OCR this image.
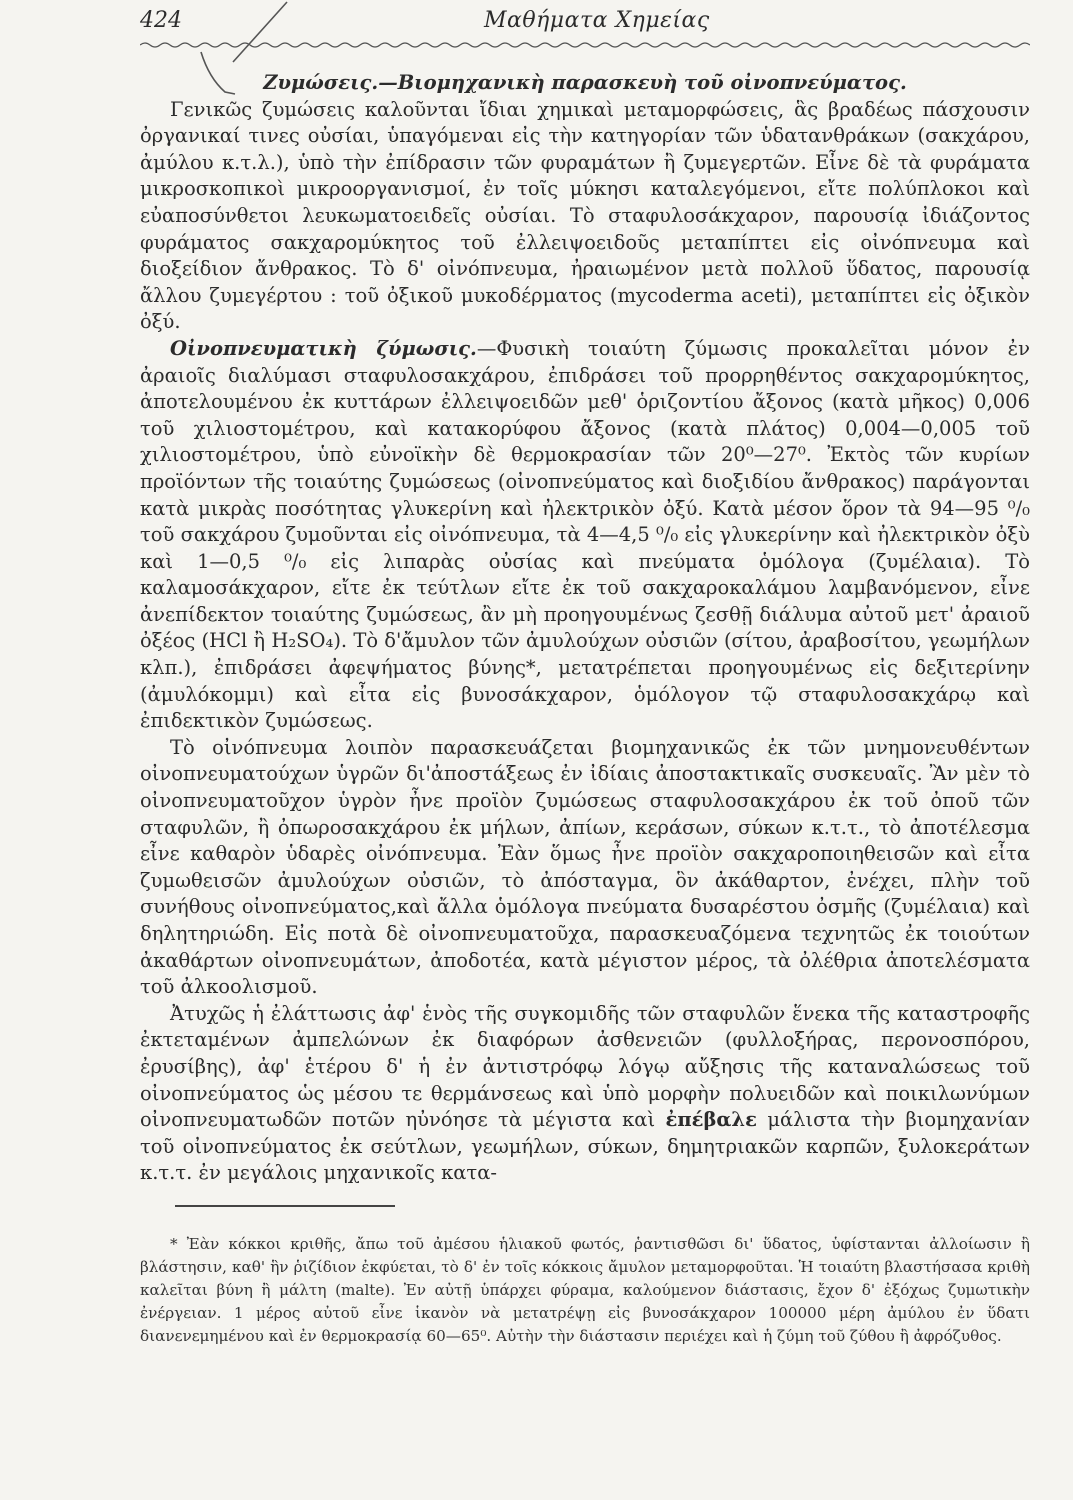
424	Μαθήματα Χημείας

Ζυμώσεις.—Βιομηχανικὴ παρασκευὴ τοῦ οἰνοπνεύματος.

Γενικῶς ζυμώσεις καλοῦνται ἴδιαι χημικαὶ μεταμορφώσεις, ἃς βραδέως πάσχουσιν ὀργανικαί τινες οὐσίαι, ὑπαγόμεναι εἰς τὴν κατηγορίαν τῶν ὑδατανθράκων (σακχάρου, ἀμύλου κ.τ.λ.), ὑπὸ τὴν ἐπίδρασιν τῶν φυραμάτων ἢ ζυμεγερτῶν. Εἶνε δὲ τὰ φυράματα μικροσκοπικοὶ μικροοργανισμοί, ἐν τοῖς μύκησι καταλεγόμενοι, εἴτε πολύπλοκοι καὶ εὐαποσύνθετοι λευκωματοειδεῖς οὐσίαι. Τὸ σταφυλοσάκχαρον, παρουσίᾳ ἰδιάζοντος φυράματος σακχαρομύκητος τοῦ ἐλλειψοειδοῦς μεταπίπτει εἰς οἰνόπνευμα καὶ διοξείδιον ἄνθρακος. Τὸ δ' οἰνόπνευμα, ἠραιωμένον μετὰ πολλοῦ ὕδατος, παρουσίᾳ ἄλλου ζυμεγέρτου : τοῦ ὀξικοῦ μυκοδέρματος (mycoderma aceti), μεταπίπτει εἰς ὀξικὸν ὀξύ.

Οἰνοπνευματικὴ ζύμωσις.—Φυσικὴ τοιαύτη ζύμωσις προκαλεῖται μόνον ἐν ἀραιοῖς διαλύμασι σταφυλοσακχάρου, ἐπιδράσει τοῦ προρρηθέντος σακχαρομύκητος, ἀποτελουμένου ἐκ κυττάρων ἐλλειψοειδῶν μεθ' ὁριζοντίου ἄξονος (κατὰ μῆκος) 0,006 τοῦ χιλιοστομέτρου, καὶ κατακορύφου ἄξονος (κατὰ πλάτος) 0,004—0,005 τοῦ χιλιοστομέτρου, ὑπὸ εὐνοϊκὴν δὲ θερμοκρασίαν τῶν 20⁰—27⁰. Ἐκτὸς τῶν κυρίων προϊόντων τῆς τοιαύτης ζυμώσεως (οἰνοπνεύματος καὶ διοξιδίου ἄνθρακος) παράγονται κατὰ μικρὰς ποσότητας γλυκερίνη καὶ ἠλεκτρικὸν ὀξύ. Κατὰ μέσον ὅρον τὰ 94—95 ⁰/₀ τοῦ σακχάρου ζυμοῦνται εἰς οἰνόπνευμα, τὰ 4—4,5 ⁰/₀ εἰς γλυκερίνην καὶ ἠλεκτρικὸν ὀξὺ καὶ 1—0,5 ⁰/₀ εἰς λιπαρὰς οὐσίας καὶ πνεύματα ὁμόλογα (ζυμέλαια). Τὸ καλαμοσάκχαρον, εἴτε ἐκ τεύτλων εἴτε ἐκ τοῦ σακχαροκαλάμου λαμβανόμενον, εἶνε ἀνεπίδεκτον τοιαύτης ζυμώσεως, ἂν μὴ προηγουμένως ζεσθῇ διάλυμα αὐτοῦ μετ' ἀραιοῦ ὀξέος (HCl ἢ H₂SO₄). Τὸ δ'ἄμυλον τῶν ἀμυλούχων οὐσιῶν (σίτου, ἀραβοσίτου, γεωμήλων κλπ.), ἐπιδράσει ἀφεψήματος βύνης*, μετατρέπεται προηγουμένως εἰς δεξιτερίνην (ἀμυλόκομμι) καὶ εἶτα εἰς βυνοσάκχαρον, ὁμόλογον τῷ σταφυλοσακχάρῳ καὶ ἐπιδεκτικὸν ζυμώσεως.

Τὸ οἰνόπνευμα λοιπὸν παρασκευάζεται βιομηχανικῶς ἐκ τῶν μνημονευθέντων οἰνοπνευματούχων ὑγρῶν δι'ἀποστάξεως ἐν ἰδίαις ἀποστακτικαῖς συσκευαῖς. Ἂν μὲν τὸ οἰνοπνευματοῦχον ὑγρὸν ἦνε προϊὸν ζυμώσεως σταφυλοσακχάρου ἐκ τοῦ ὀποῦ τῶν σταφυλῶν, ἢ ὀπωροσακχάρου ἐκ μήλων, ἀπίων, κεράσων, σύκων κ.τ.τ., τὸ ἀποτέλεσμα εἶνε καθαρὸν ὑδαρὲς οἰνόπνευμα. Ἐὰν ὅμως ἦνε προϊὸν σακχαροποιηθεισῶν καὶ εἶτα ζυμωθεισῶν ἀμυλούχων οὐσιῶν, τὸ ἀπόσταγμα, ὃν ἀκάθαρτον, ἐνέχει, πλὴν τοῦ συνήθους οἰνοπνεύματος,καὶ ἄλλα ὁμόλογα πνεύματα δυσαρέστου ὀσμῆς (ζυμέλαια) καὶ δηλητηριώδη. Εἰς ποτὰ δὲ οἰνοπνευματοῦχα, παρασκευαζόμενα τεχνητῶς ἐκ τοιούτων ἀκαθάρτων οἰνοπνευμάτων, ἀποδοτέα, κατὰ μέγιστον μέρος, τὰ ὀλέθρια ἀποτελέσματα τοῦ ἀλκοολισμοῦ.

Ἀτυχῶς ἡ ἐλάττωσις ἀφ' ἑνὸς τῆς συγκομιδῆς τῶν σταφυλῶν ἕνεκα τῆς καταστροφῆς ἐκτεταμένων ἀμπελώνων ἐκ διαφόρων ἀσθενειῶν (φυλλοξήρας, περονοσπόρου, ἐρυσίβης), ἀφ' ἑτέρου δ' ἡ ἐν ἀντιστρόφῳ λόγῳ αὔξησις τῆς καταναλώσεως τοῦ οἰνοπνεύματος ὡς μέσου τε θερμάνσεως καὶ ὑπὸ μορφὴν πολυειδῶν καὶ ποικιλωνύμων οἰνοπνευματωδῶν ποτῶν ηὐνόησε τὰ μέγιστα καὶ ἐπέβαλε μάλιστα τὴν βιομηχανίαν τοῦ οἰνοπνεύματος ἐκ σεύτλων, γεωμήλων, σύκων, δημητριακῶν καρπῶν, ξυλοκεράτων κ.τ.τ. ἐν μεγάλοις μηχανικοῖς κατα-

* Ἐὰν κόκκοι κριθῆς, ἄπω τοῦ ἀμέσου ἡλιακοῦ φωτός, ῥαντισθῶσι δι' ὕδατος, ὑφίστανται ἀλλοίωσιν ἢ βλάστησιν, καθ' ἣν ῥιζίδιον ἐκφύεται, τὸ δ' ἐν τοῖς κόκκοις ἄμυλον μεταμορφοῦται. Ἡ τοιαύτη βλαστήσασα κριθὴ καλεῖται βύνη ἢ μάλτη (malte). Ἐν αὐτῇ ὑπάρχει φύραμα, καλούμενον διάστασις, ἔχον δ' ἐξόχως ζυμωτικὴν ἐνέργειαν. 1 μέρος αὐτοῦ εἶνε ἱκανὸν νὰ μετατρέψῃ εἰς βυνοσάκχαρον 100000 μέρη ἀμύλου ἐν ὕδατι διανενεμημένου καὶ ἐν θερμοκρασίᾳ 60—65⁰. Αὐτὴν τὴν διάστασιν περιέχει καὶ ἡ ζύμη τοῦ ζύθου ἢ ἀφρόζυθος.
